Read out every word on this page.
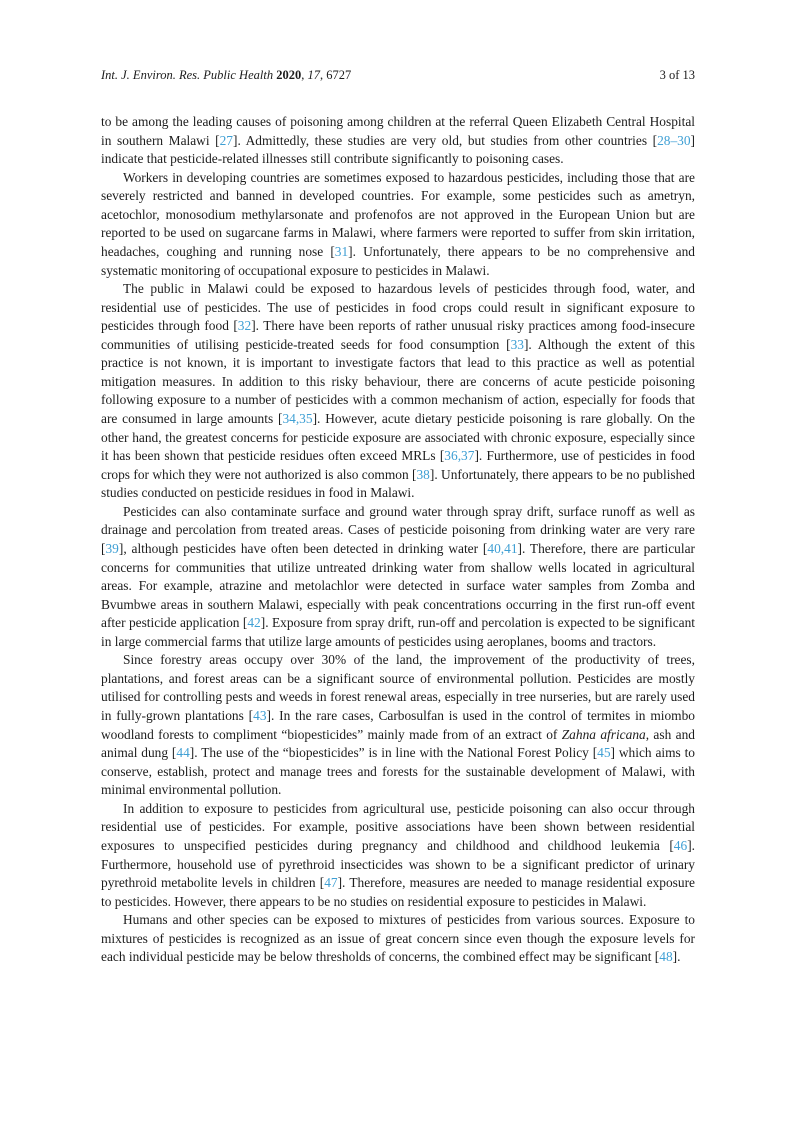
Int. J. Environ. Res. Public Health 2020, 17, 6727	3 of 13

to be among the leading causes of poisoning among children at the referral Queen Elizabeth Central Hospital in southern Malawi [27]. Admittedly, these studies are very old, but studies from other countries [28–30] indicate that pesticide-related illnesses still contribute significantly to poisoning cases.

Workers in developing countries are sometimes exposed to hazardous pesticides, including those that are severely restricted and banned in developed countries. For example, some pesticides such as ametryn, acetochlor, monosodium methylarsonate and profenofos are not approved in the European Union but are reported to be used on sugarcane farms in Malawi, where farmers were reported to suffer from skin irritation, headaches, coughing and running nose [31]. Unfortunately, there appears to be no comprehensive and systematic monitoring of occupational exposure to pesticides in Malawi.

The public in Malawi could be exposed to hazardous levels of pesticides through food, water, and residential use of pesticides. The use of pesticides in food crops could result in significant exposure to pesticides through food [32]. There have been reports of rather unusual risky practices among food-insecure communities of utilising pesticide-treated seeds for food consumption [33]. Although the extent of this practice is not known, it is important to investigate factors that lead to this practice as well as potential mitigation measures. In addition to this risky behaviour, there are concerns of acute pesticide poisoning following exposure to a number of pesticides with a common mechanism of action, especially for foods that are consumed in large amounts [34,35]. However, acute dietary pesticide poisoning is rare globally. On the other hand, the greatest concerns for pesticide exposure are associated with chronic exposure, especially since it has been shown that pesticide residues often exceed MRLs [36,37]. Furthermore, use of pesticides in food crops for which they were not authorized is also common [38]. Unfortunately, there appears to be no published studies conducted on pesticide residues in food in Malawi.

Pesticides can also contaminate surface and ground water through spray drift, surface runoff as well as drainage and percolation from treated areas. Cases of pesticide poisoning from drinking water are very rare [39], although pesticides have often been detected in drinking water [40,41]. Therefore, there are particular concerns for communities that utilize untreated drinking water from shallow wells located in agricultural areas. For example, atrazine and metolachlor were detected in surface water samples from Zomba and Bvumbwe areas in southern Malawi, especially with peak concentrations occurring in the first run-off event after pesticide application [42]. Exposure from spray drift, run-off and percolation is expected to be significant in large commercial farms that utilize large amounts of pesticides using aeroplanes, booms and tractors.

Since forestry areas occupy over 30% of the land, the improvement of the productivity of trees, plantations, and forest areas can be a significant source of environmental pollution. Pesticides are mostly utilised for controlling pests and weeds in forest renewal areas, especially in tree nurseries, but are rarely used in fully-grown plantations [43]. In the rare cases, Carbosulfan is used in the control of termites in miombo woodland forests to compliment “biopesticides” mainly made from of an extract of Zahna africana, ash and animal dung [44]. The use of the “biopesticides” is in line with the National Forest Policy [45] which aims to conserve, establish, protect and manage trees and forests for the sustainable development of Malawi, with minimal environmental pollution.

In addition to exposure to pesticides from agricultural use, pesticide poisoning can also occur through residential use of pesticides. For example, positive associations have been shown between residential exposures to unspecified pesticides during pregnancy and childhood and childhood leukemia [46]. Furthermore, household use of pyrethroid insecticides was shown to be a significant predictor of urinary pyrethroid metabolite levels in children [47]. Therefore, measures are needed to manage residential exposure to pesticides. However, there appears to be no studies on residential exposure to pesticides in Malawi.

Humans and other species can be exposed to mixtures of pesticides from various sources. Exposure to mixtures of pesticides is recognized as an issue of great concern since even though the exposure levels for each individual pesticide may be below thresholds of concerns, the combined effect may be significant [48].
